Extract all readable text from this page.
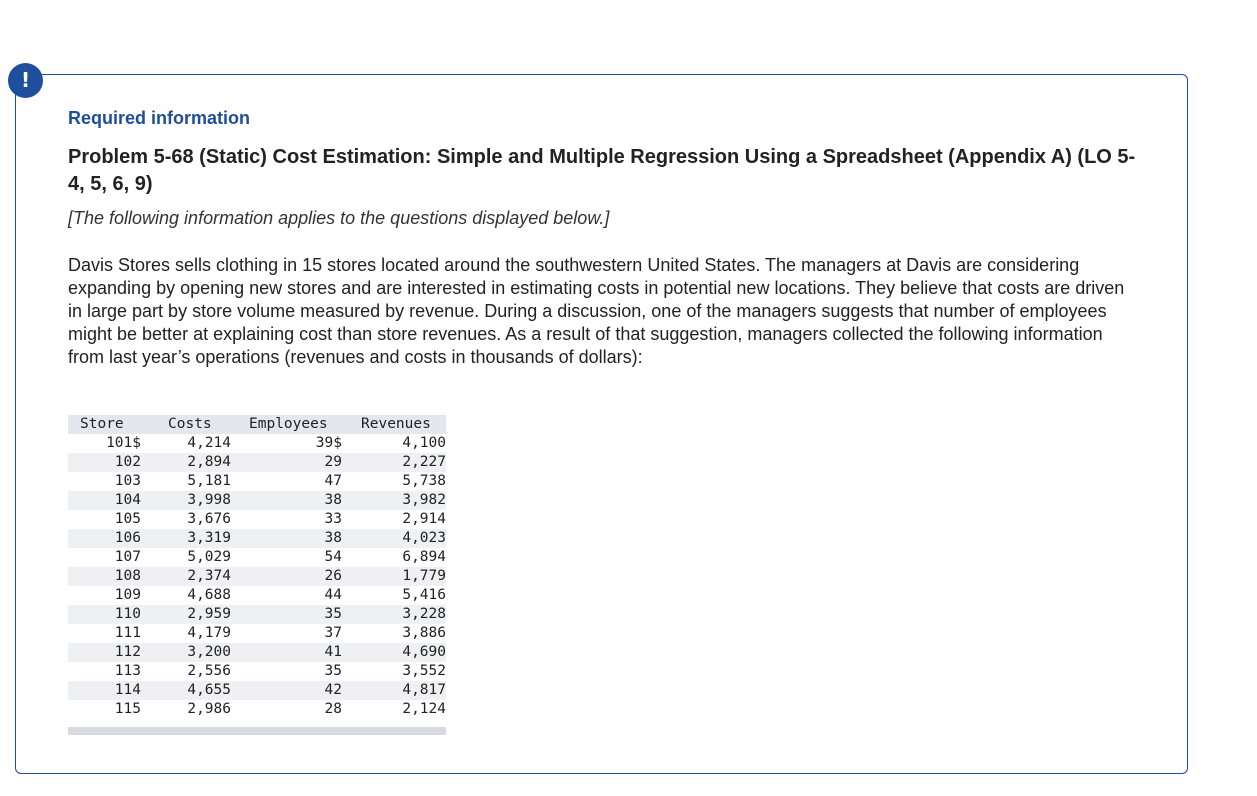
!
Required information
Problem 5-68 (Static) Cost Estimation: Simple and Multiple Regression Using a Spreadsheet (Appendix A) (LO 5-4, 5, 6, 9)

[The following information applies to the questions displayed below.]

Davis Stores sells clothing in 15 stores located around the southwestern United States. The managers at Davis are considering expanding by opening new stores and are interested in estimating costs in potential new locations. They believe that costs are driven in large part by store volume measured by revenue. During a discussion, one of the managers suggests that number of employees might be better at explaining cost than store revenues. As a result of that suggestion, managers collected the following information from last year’s operations (revenues and costs in thousands of dollars):

Store	Costs	Employees Revenues
101$	4,214	39$	4,100
102	2,894	29	2,227
103	5,181	47	5,738
104	3,998	38	3,982
105	3,676	33	2,914
106	3,319	38	4,023
107	5,029	54	6,894
108	2,374	26	1,779
109	4,688	44	5,416
110	2,959	35	3,228
111	4,179	37	3,886
112	3,200	41	4,690
113	2,556	35	3,552
114	4,655	42	4,817
115	2,986	28	2,124
